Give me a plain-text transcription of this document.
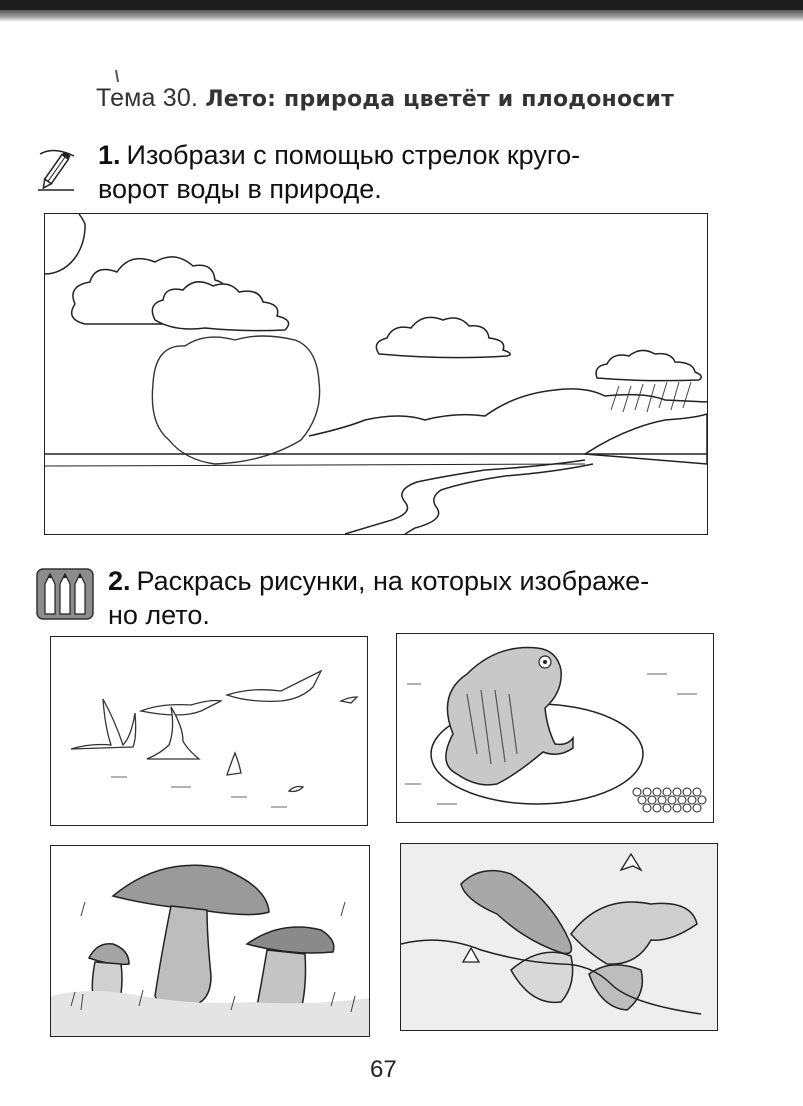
Тема 30. Лето: природа цветёт и плодоносит
1. Изобрази с помощью стрелок круго-
ворот воды в природе.
2. Раскрась рисунки, на которых изображе-
но лето.
67
